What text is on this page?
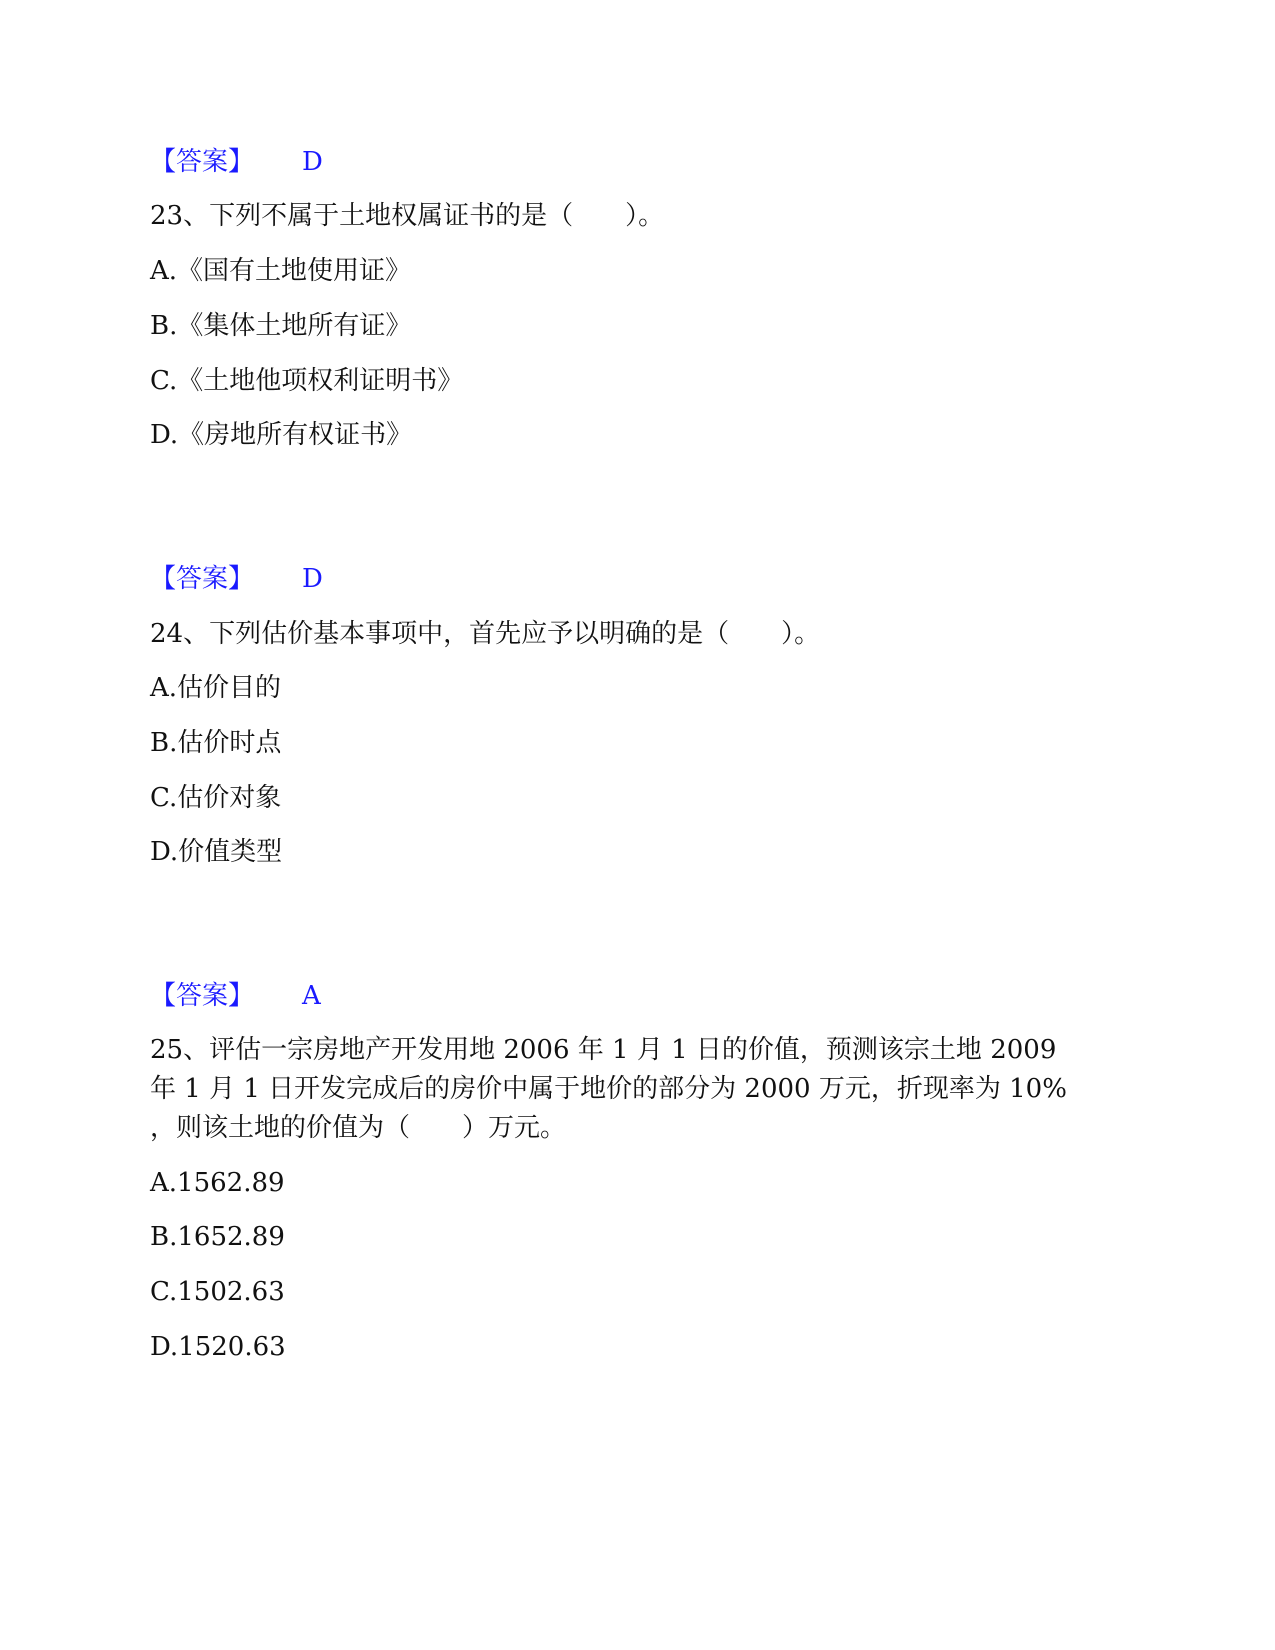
【答案】 D
23、下列不属于土地权属证书的是（　　）。
A.《国有土地使用证》
B.《集体土地所有证》
C.《土地他项权利证明书》
D.《房地所有权证书》
【答案】 D
24、下列估价基本事项中，首先应予以明确的是（　　）。
A.估价目的
B.估价时点
C.估价对象
D.价值类型
【答案】 A
25、评估一宗房地产开发用地 2006 年 1 月 1 日的价值，预测该宗土地 2009
年 1 月 1 日开发完成后的房价中属于地价的部分为 2000 万元，折现率为 10%
，则该土地的价值为（　　）万元。
A.1562.89
B.1652.89
C.1502.63
D.1520.63
